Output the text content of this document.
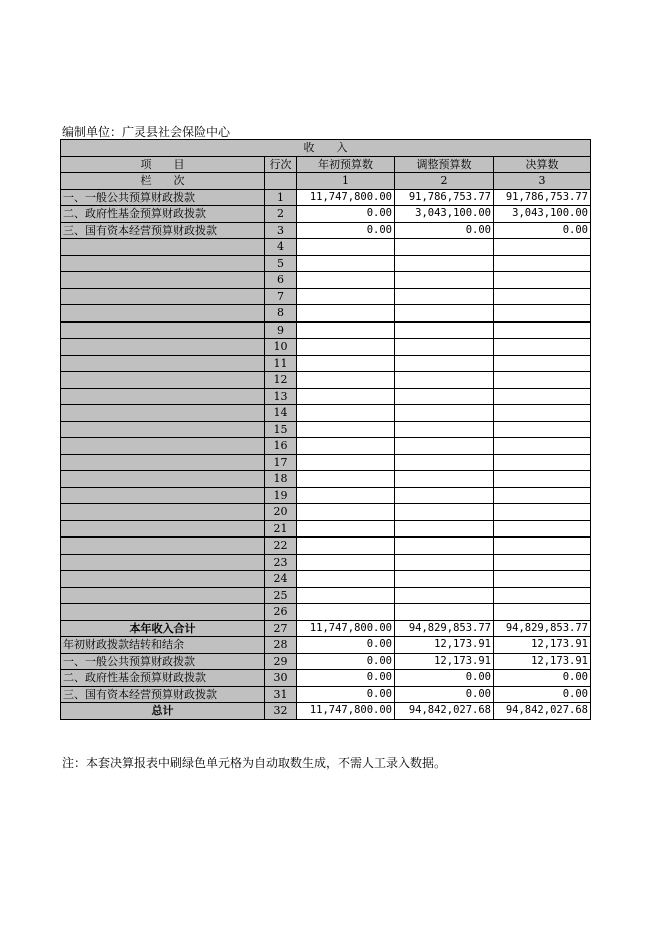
编制单位：广灵县社会保险中心
收　　入				
项　　目	行次	年初预算数	调整预算数	决算数
栏　　次		1	2	3
一、一般公共预算财政拨款	1	11,747,800.00	91,786,753.77	91,786,753.77
二、政府性基金预算财政拨款	2	0.00	3,043,100.00	3,043,100.00
三、国有资本经营预算财政拨款	3	0.00	0.00	0.00
	4			
	5			
	6			
	7			
	8			
	9			
	10			
	11			
	12			
	13			
	14			
	15			
	16			
	17			
	18			
	19			
	20			
	21			
	22			
	23			
	24			
	25			
	26			
本年收入合计	27	11,747,800.00	94,829,853.77	94,829,853.77
年初财政拨款结转和结余	28	0.00	12,173.91	12,173.91
一、一般公共预算财政拨款	29	0.00	12,173.91	12,173.91
二、政府性基金预算财政拨款	30	0.00	0.00	0.00
三、国有资本经营预算财政拨款	31	0.00	0.00	0.00
总计	32	11,747,800.00	94,842,027.68	94,842,027.68
注：本套决算报表中刷绿色单元格为自动取数生成，不需人工录入数据。
